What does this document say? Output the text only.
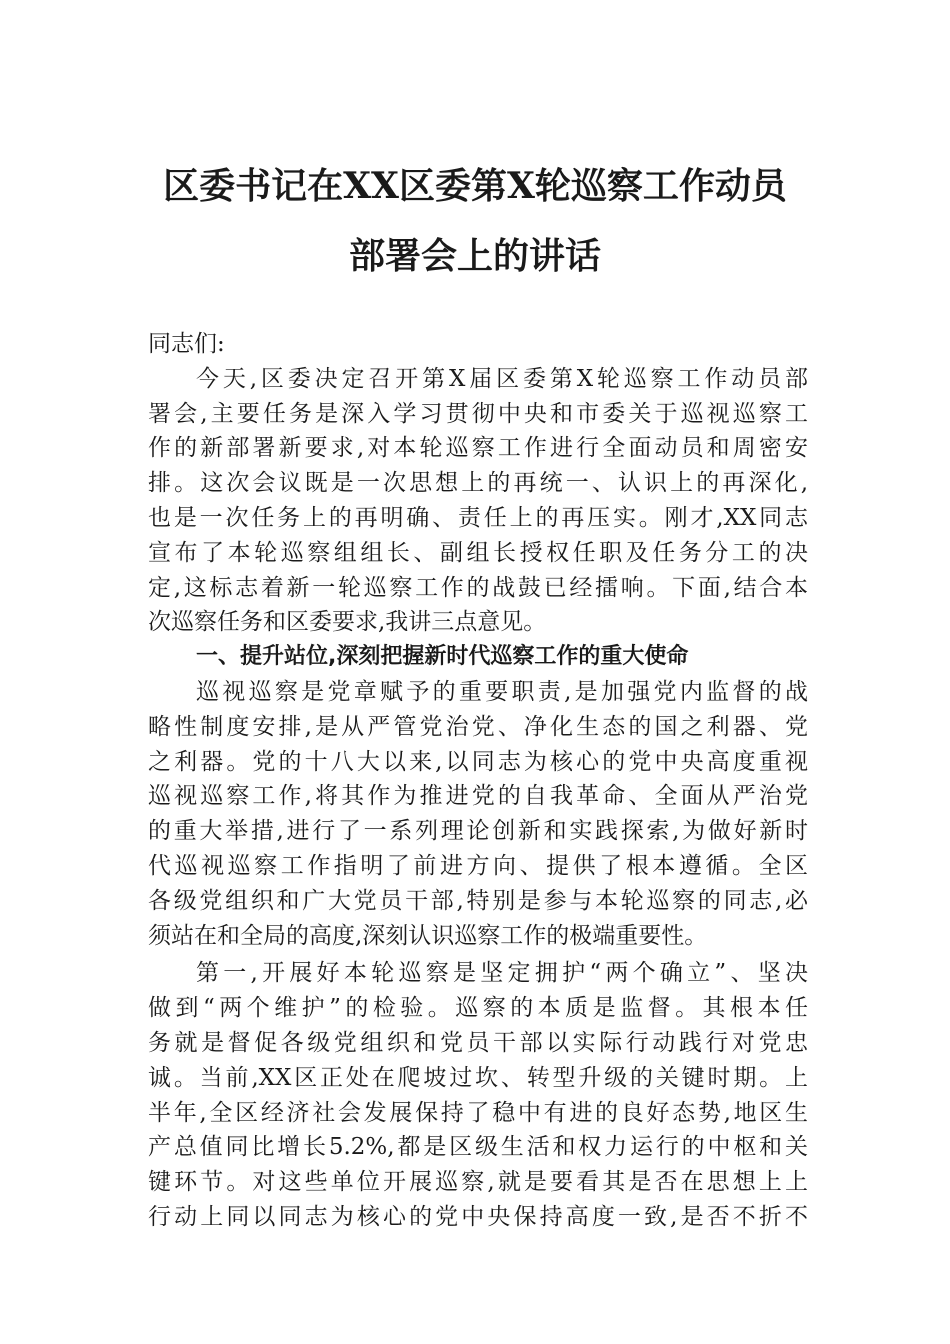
区委书记在XX区委第X轮巡察工作动员
部署会上的讲话
同志们:
今天,区委决定召开第X届区委第X轮巡察工作动员部
署会,主要任务是深入学习贯彻中央和市委关于巡视巡察工
作的新部署新要求,对本轮巡察工作进行全面动员和周密安
排。这次会议既是一次思想上的再统一、认识上的再深化,
也是一次任务上的再明确、责任上的再压实。刚才,XX同志
宣布了本轮巡察组组长、副组长授权任职及任务分工的决
定,这标志着新一轮巡察工作的战鼓已经擂响。下面,结合本
次巡察任务和区委要求,我讲三点意见。
一、提升站位,深刻把握新时代巡察工作的重大使命
巡视巡察是党章赋予的重要职责,是加强党内监督的战
略性制度安排,是从严管党治党、净化生态的国之利器、党
之利器。党的十八大以来,以同志为核心的党中央高度重视
巡视巡察工作,将其作为推进党的自我革命、全面从严治党
的重大举措,进行了一系列理论创新和实践探索,为做好新时
代巡视巡察工作指明了前进方向、提供了根本遵循。全区
各级党组织和广大党员干部,特别是参与本轮巡察的同志,必
须站在和全局的高度,深刻认识巡察工作的极端重要性。
第一,开展好本轮巡察是坚定拥护“两个确立”、坚决
做到“两个维护”的检验。巡察的本质是监督。其根本任
务就是督促各级党组织和党员干部以实际行动践行对党忠
诚。当前,XX区正处在爬坡过坎、转型升级的关键时期。上
半年,全区经济社会发展保持了稳中有进的良好态势,地区生
产总值同比增长5.2%,都是区级生活和权力运行的中枢和关
键环节。对这些单位开展巡察,就是要看其是否在思想上上
行动上同以同志为核心的党中央保持高度一致,是否不折不
